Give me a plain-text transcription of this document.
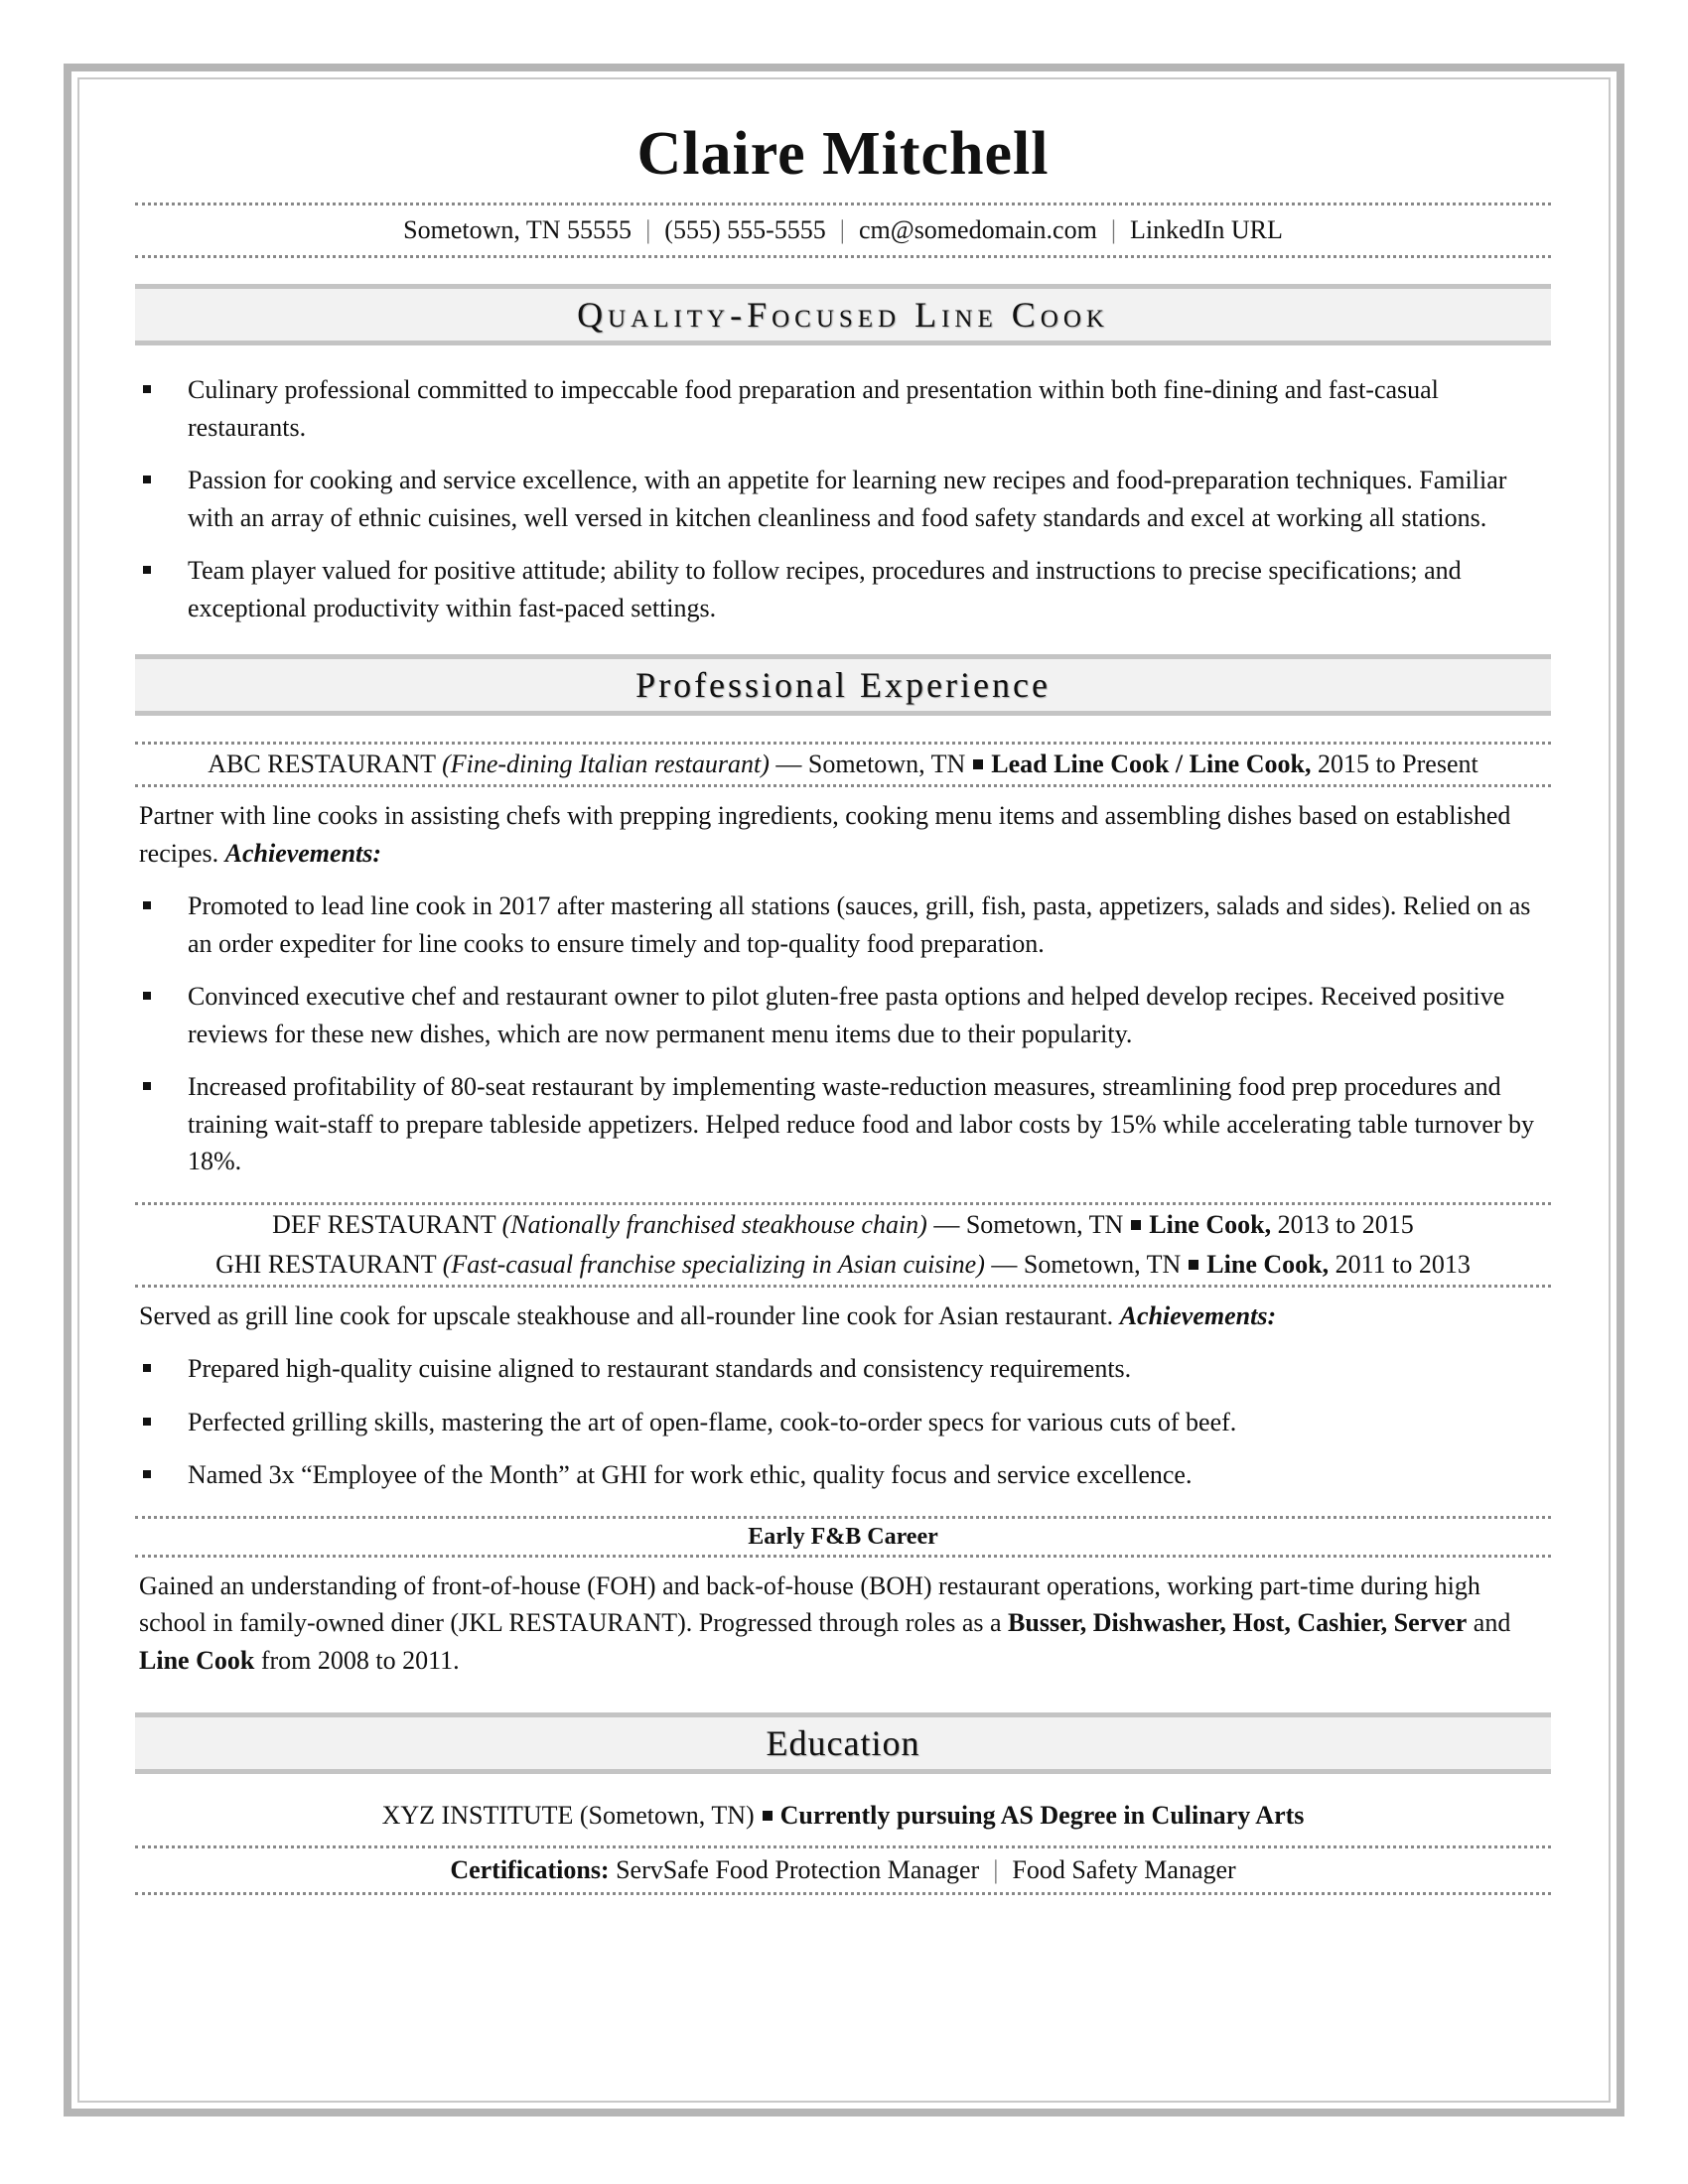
Claire Mitchell
Sometown, TN 55555 | (555) 555-5555 | cm@somedomain.com | LinkedIn URL
Quality-Focused Line Cook
Culinary professional committed to impeccable food preparation and presentation within both fine-dining and fast-casual restaurants.
Passion for cooking and service excellence, with an appetite for learning new recipes and food-preparation techniques. Familiar with an array of ethnic cuisines, well versed in kitchen cleanliness and food safety standards and excel at working all stations.
Team player valued for positive attitude; ability to follow recipes, procedures and instructions to precise specifications; and exceptional productivity within fast-paced settings.
Professional Experience
ABC RESTAURANT (Fine-dining Italian restaurant) — Sometown, TN Lead Line Cook / Line Cook, 2015 to Present

Partner with line cooks in assisting chefs with prepping ingredients, cooking menu items and assembling dishes based on established recipes. Achievements:

Promoted to lead line cook in 2017 after mastering all stations (sauces, grill, fish, pasta, appetizers, salads and sides). Relied on as an order expediter for line cooks to ensure timely and top-quality food preparation.
Convinced executive chef and restaurant owner to pilot gluten-free pasta options and helped develop recipes. Received positive reviews for these new dishes, which are now permanent menu items due to their popularity.
Increased profitability of 80-seat restaurant by implementing waste-reduction measures, streamlining food prep procedures and training wait-staff to prepare tableside appetizers. Helped reduce food and labor costs by 15% while accelerating table turnover by 18%.
DEF RESTAURANT (Nationally franchised steakhouse chain) — Sometown, TN Line Cook, 2013 to 2015
GHI RESTAURANT (Fast-casual franchise specializing in Asian cuisine) — Sometown, TN Line Cook, 2011 to 2013

Served as grill line cook for upscale steakhouse and all-rounder line cook for Asian restaurant. Achievements:

Prepared high-quality cuisine aligned to restaurant standards and consistency requirements.
Perfected grilling skills, mastering the art of open-flame, cook-to-order specs for various cuts of beef.
Named 3x “Employee of the Month” at GHI for work ethic, quality focus and service excellence.
Early F&B Career

Gained an understanding of front-of-house (FOH) and back-of-house (BOH) restaurant operations, working part-time during high school in family-owned diner (JKL RESTAURANT). Progressed through roles as a Busser, Dishwasher, Host, Cashier, Server and Line Cook from 2008 to 2011.

Education
XYZ INSTITUTE (Sometown, TN) Currently pursuing AS Degree in Culinary Arts
Certifications: ServSafe Food Protection Manager | Food Safety Manager
